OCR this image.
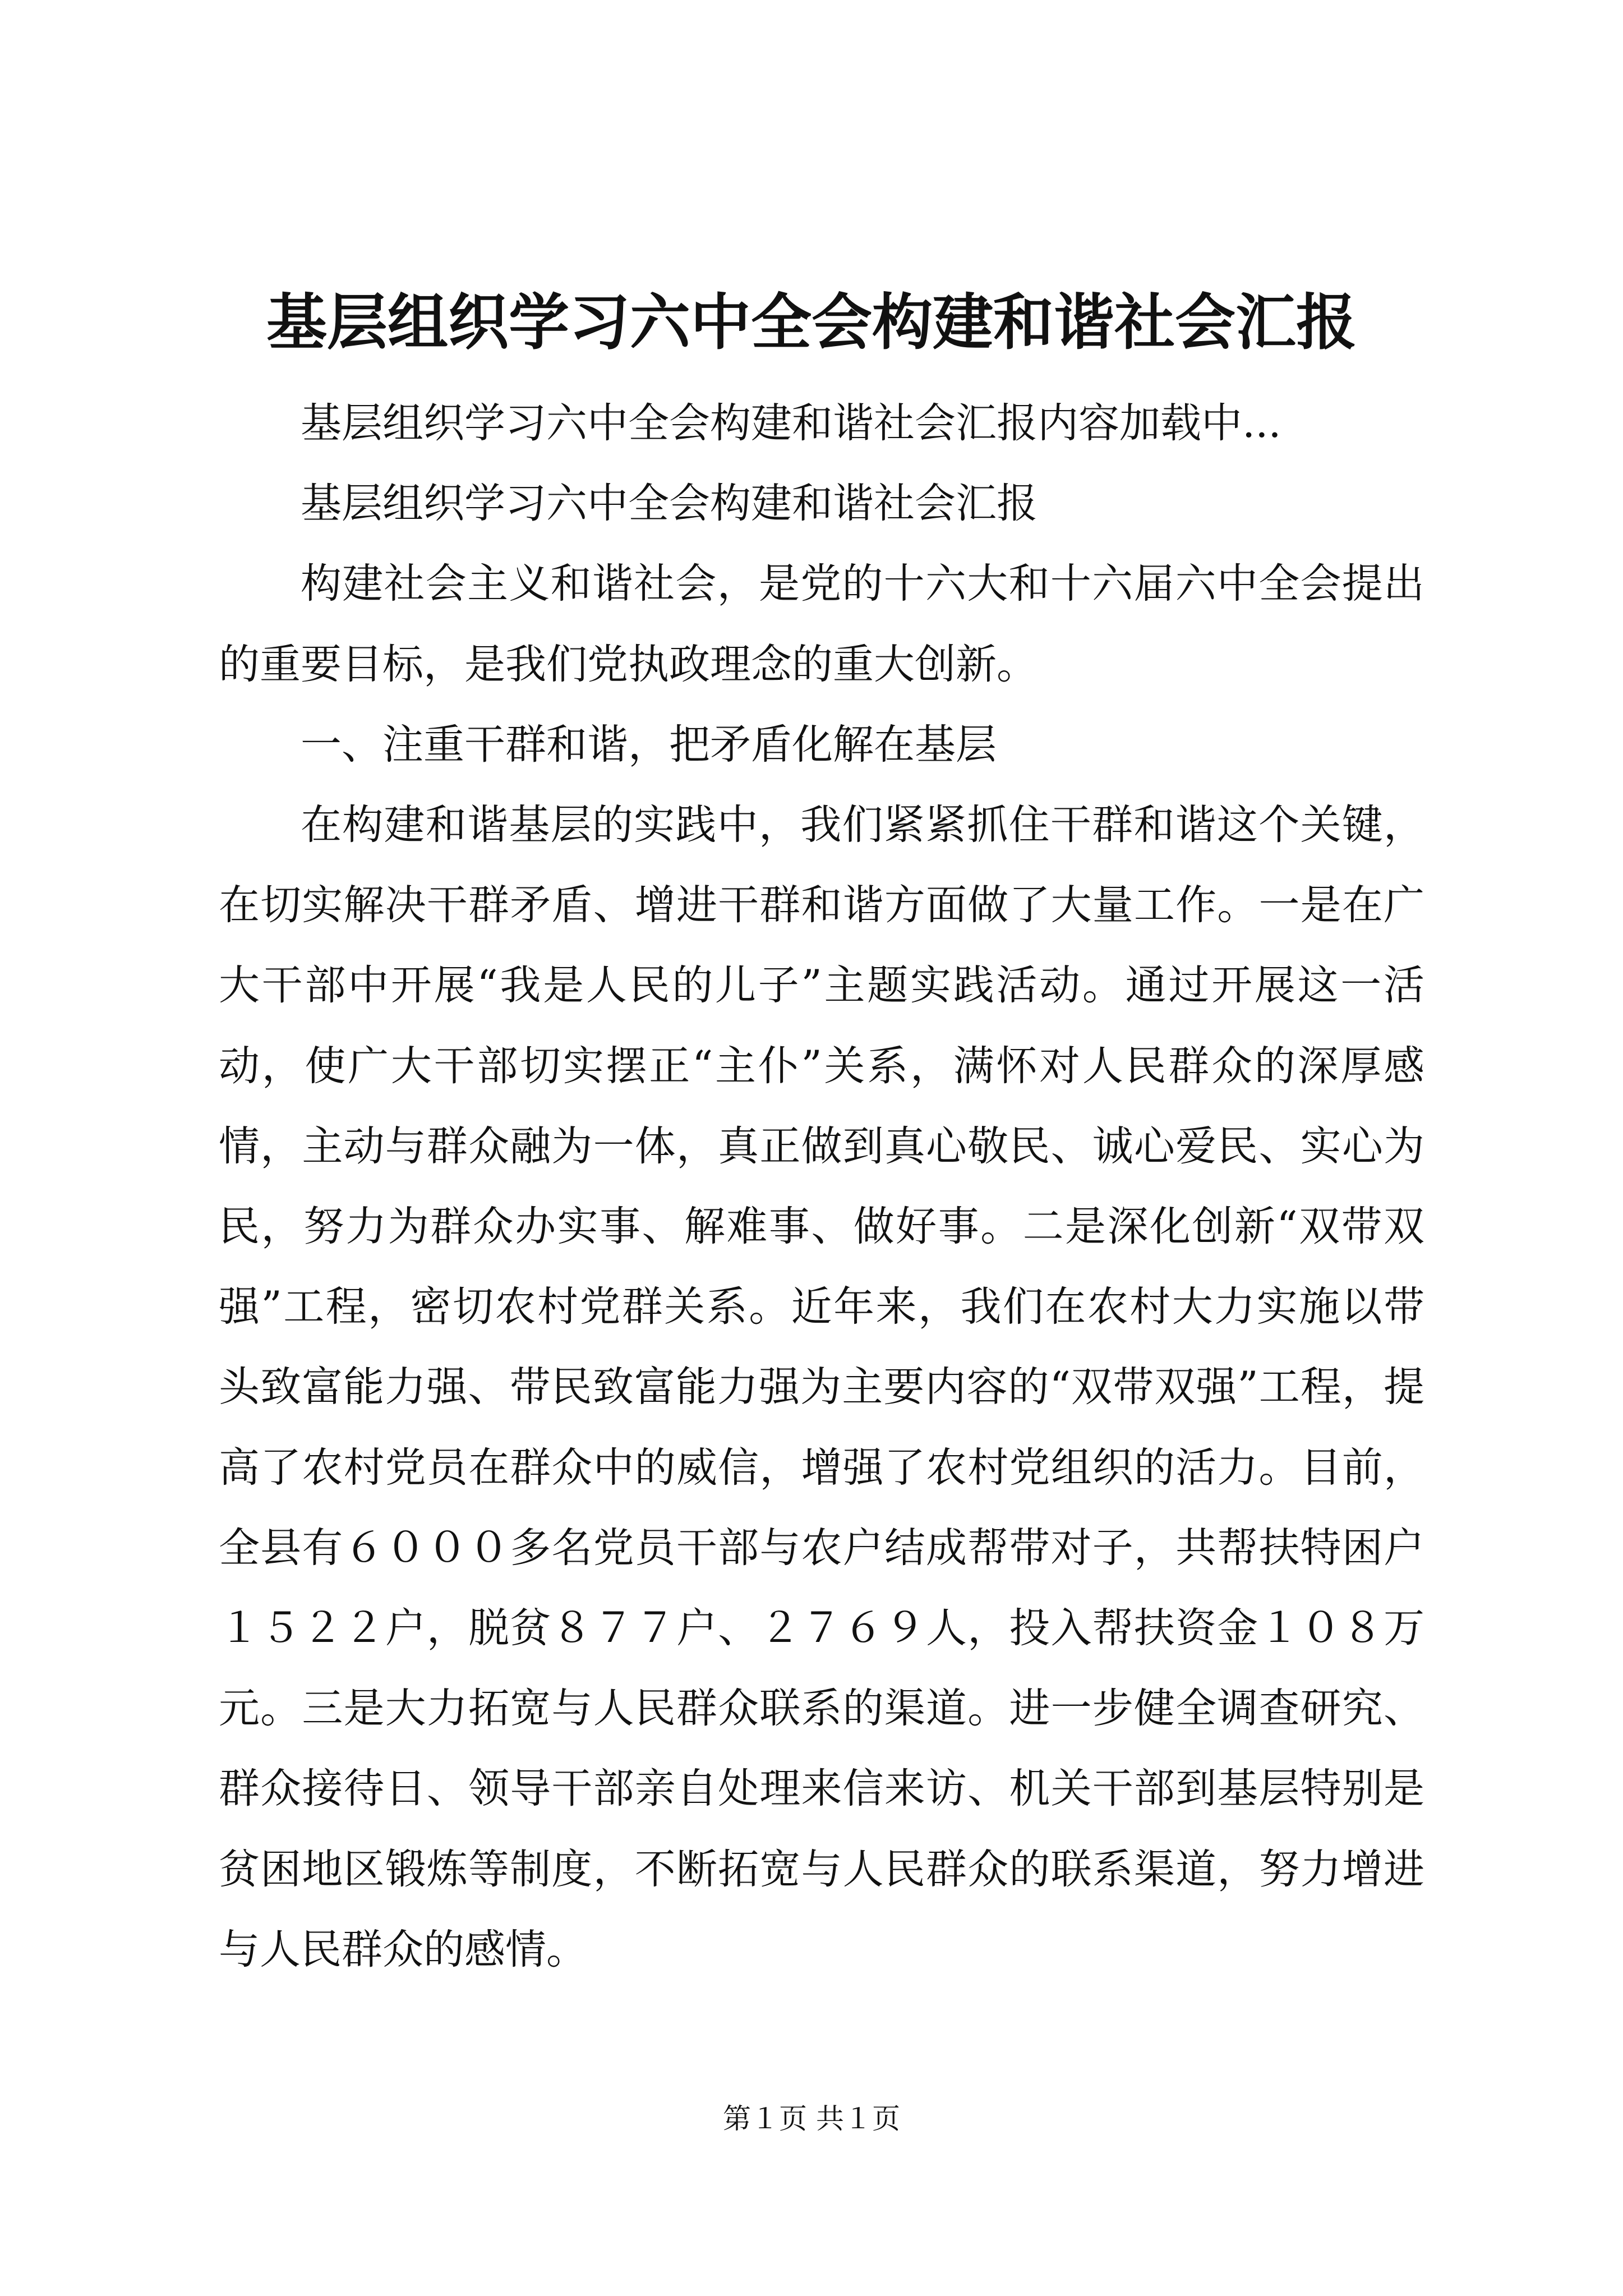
基层组织学习六中全会构建和谐社会汇报

基层组织学习六中全会构建和谐社会汇报内容加载中...

基层组织学习六中全会构建和谐社会汇报

构建社会主义和谐社会，是党的十六大和十六届六中全会提出的重要目标，是我们党执政理念的重大创新。

一、注重干群和谐，把矛盾化解在基层

在构建和谐基层的实践中，我们紧紧抓住干群和谐这个关键，在切实解决干群矛盾、增进干群和谐方面做了大量工作。一是在广大干部中开展“我是人民的儿子”主题实践活动。通过开展这一活动，使广大干部切实摆正“主仆”关系，满怀对人民群众的深厚感情，主动与群众融为一体，真正做到真心敬民、诚心爱民、实心为民，努力为群众办实事、解难事、做好事。二是深化创新“双带双强”工程，密切农村党群关系。近年来，我们在农村大力实施以带头致富能力强、带民致富能力强为主要内容的“双带双强”工程，提高了农村党员在群众中的威信，增强了农村党组织的活力。目前，全县有６０００多名党员干部与农户结成帮带对子，共帮扶特困户１５２２户，脱贫８７７户、２７６９人，投入帮扶资金１０８万元。三是大力拓宽与人民群众联系的渠道。进一步健全调查研究、群众接待日、领导干部亲自处理来信来访、机关干部到基层特别是贫困地区锻炼等制度，不断拓宽与人民群众的联系渠道，努力增进与人民群众的感情。

第１页 共１页
